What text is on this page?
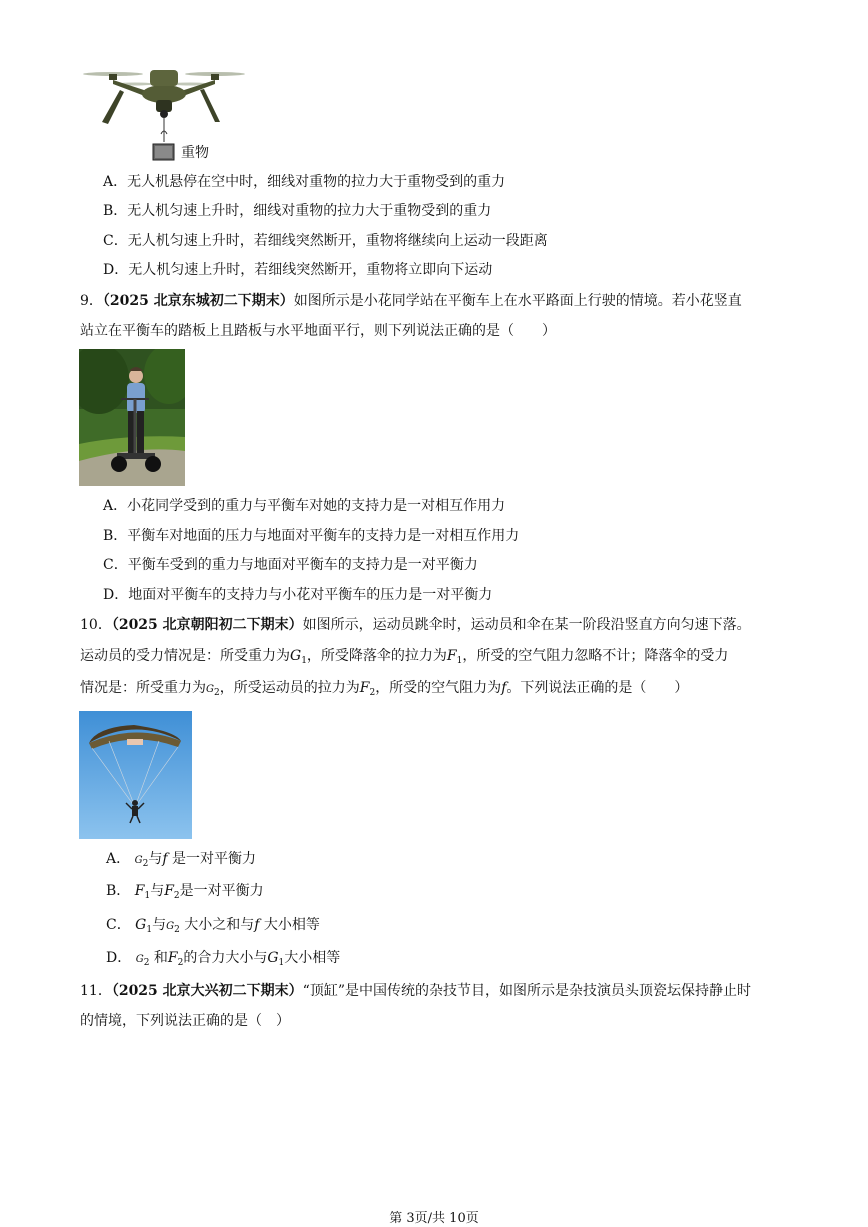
重物
A．无人机悬停在空中时，细线对重物的拉力大于重物受到的重力
B．无人机匀速上升时，细线对重物的拉力大于重物受到的重力
C．无人机匀速上升时，若细线突然断开，重物将继续向上运动一段距离
D．无人机匀速上升时，若细线突然断开，重物将立即向下运动
9．（2025 北京东城初二下期末）如图所示是小花同学站在平衡车上在水平路面上行驶的情境。若小花竖直
站立在平衡车的踏板上且踏板与水平地面平行，则下列说法正确的是（　　）
A．小花同学受到的重力与平衡车对她的支持力是一对相互作用力
B．平衡车对地面的压力与地面对平衡车的支持力是一对相互作用力
C．平衡车受到的重力与地面对平衡车的支持力是一对平衡力
D．地面对平衡车的支持力与小花对平衡车的压力是一对平衡力
10．（2025 北京朝阳初二下期末）如图所示，运动员跳伞时，运动员和伞在某一阶段沿竖直方向匀速下落。
运动员的受力情况是：所受重力为$G_1$，所受降落伞的拉力为$F_1$，所受的空气阻力忽略不计；降落伞的受力
情况是：所受重力为$G_2$，所受运动员的拉力为$F_2$，所受的空气阻力为f。下列说法正确的是（　　）
A． $G_2$与f 是一对平衡力
B． $F_1$与$F_2$是一对平衡力
C． $G_1$与$G_2$ 大小之和与f 大小相等
D． $G_2$ 和$F_2$的合力大小与$G_1$大小相等
11．（2025 北京大兴初二下期末）“顶缸”是中国传统的杂技节目，如图所示是杂技演员头顶瓷坛保持静止时
的情境，下列说法正确的是（　）
第 3页/共 10页
